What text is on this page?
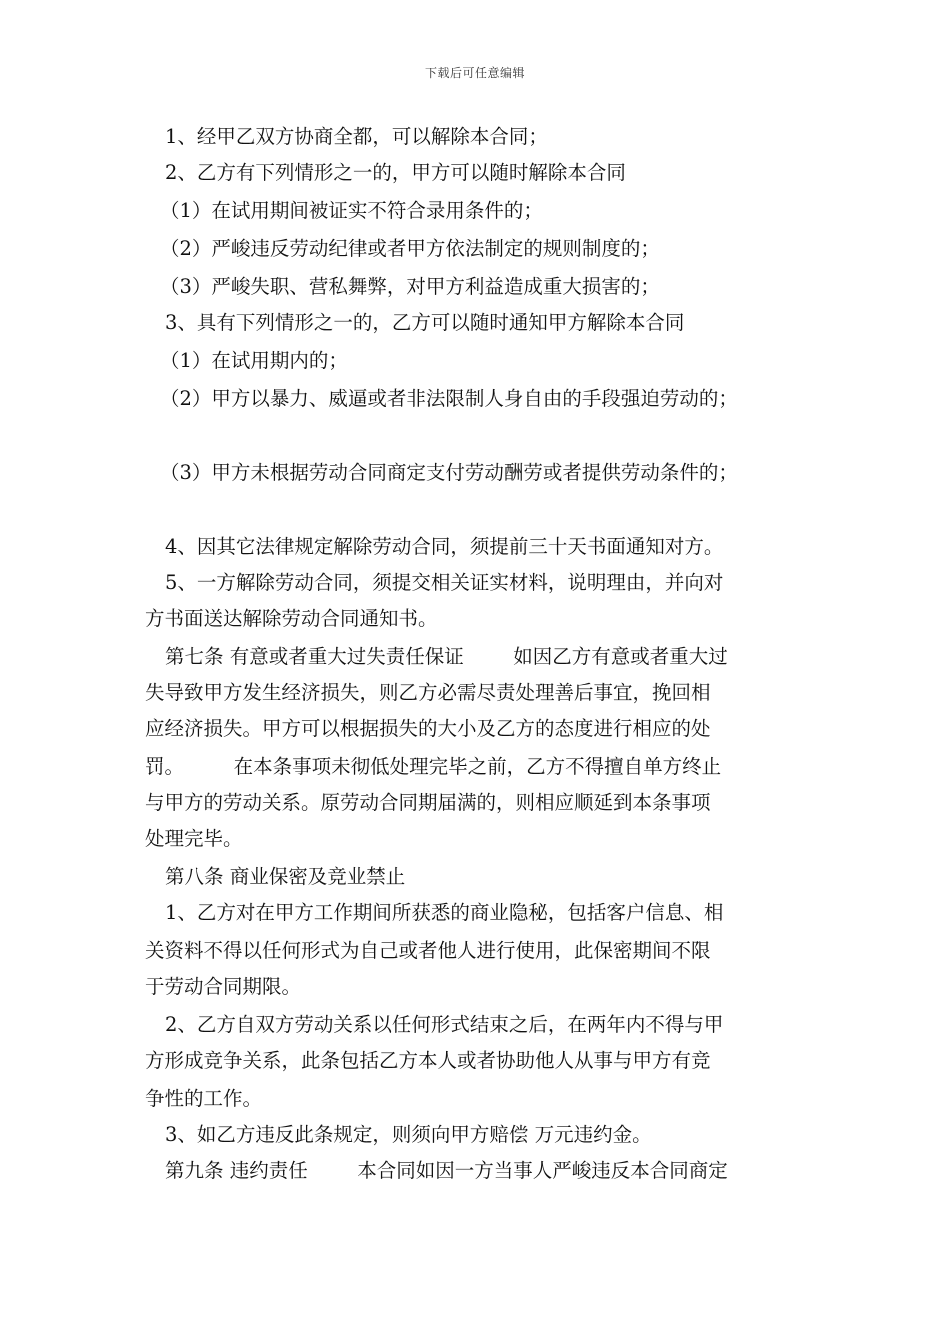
下载后可任意编辑
1、经甲乙双方协商全都，可以解除本合同；
2、乙方有下列情形之一的，甲方可以随时解除本合同
（1）在试用期间被证实不符合录用条件的；
（2）严峻违反劳动纪律或者甲方依法制定的规则制度的；
（3）严峻失职、营私舞弊，对甲方利益造成重大损害的；
3、具有下列情形之一的，乙方可以随时通知甲方解除本合同
（1）在试用期内的；
（2）甲方以暴力、威逼或者非法限制人身自由的手段强迫劳动的；
（3）甲方未根据劳动合同商定支付劳动酬劳或者提供劳动条件的；
4、因其它法律规定解除劳动合同，须提前三十天书面通知对方。
5、一方解除劳动合同，须提交相关证实材料，说明理由，并向对
方书面送达解除劳动合同通知书。
第七条 有意或者重大过失责任保证        如因乙方有意或者重大过
失导致甲方发生经济损失，则乙方必需尽责处理善后事宜，挽回相
应经济损失。甲方可以根据损失的大小及乙方的态度进行相应的处
罚。        在本条事项未彻低处理完毕之前，乙方不得擅自单方终止
与甲方的劳动关系。原劳动合同期届满的，则相应顺延到本条事项
处理完毕。
第八条 商业保密及竞业禁止
1、乙方对在甲方工作期间所获悉的商业隐秘，包括客户信息、相
关资料不得以任何形式为自己或者他人进行使用，此保密期间不限
于劳动合同期限。
2、乙方自双方劳动关系以任何形式结束之后，在两年内不得与甲
方形成竞争关系，此条包括乙方本人或者协助他人从事与甲方有竞
争性的工作。
3、如乙方违反此条规定，则须向甲方赔偿 万元违约金。
第九条 违约责任        本合同如因一方当事人严峻违反本合同商定
